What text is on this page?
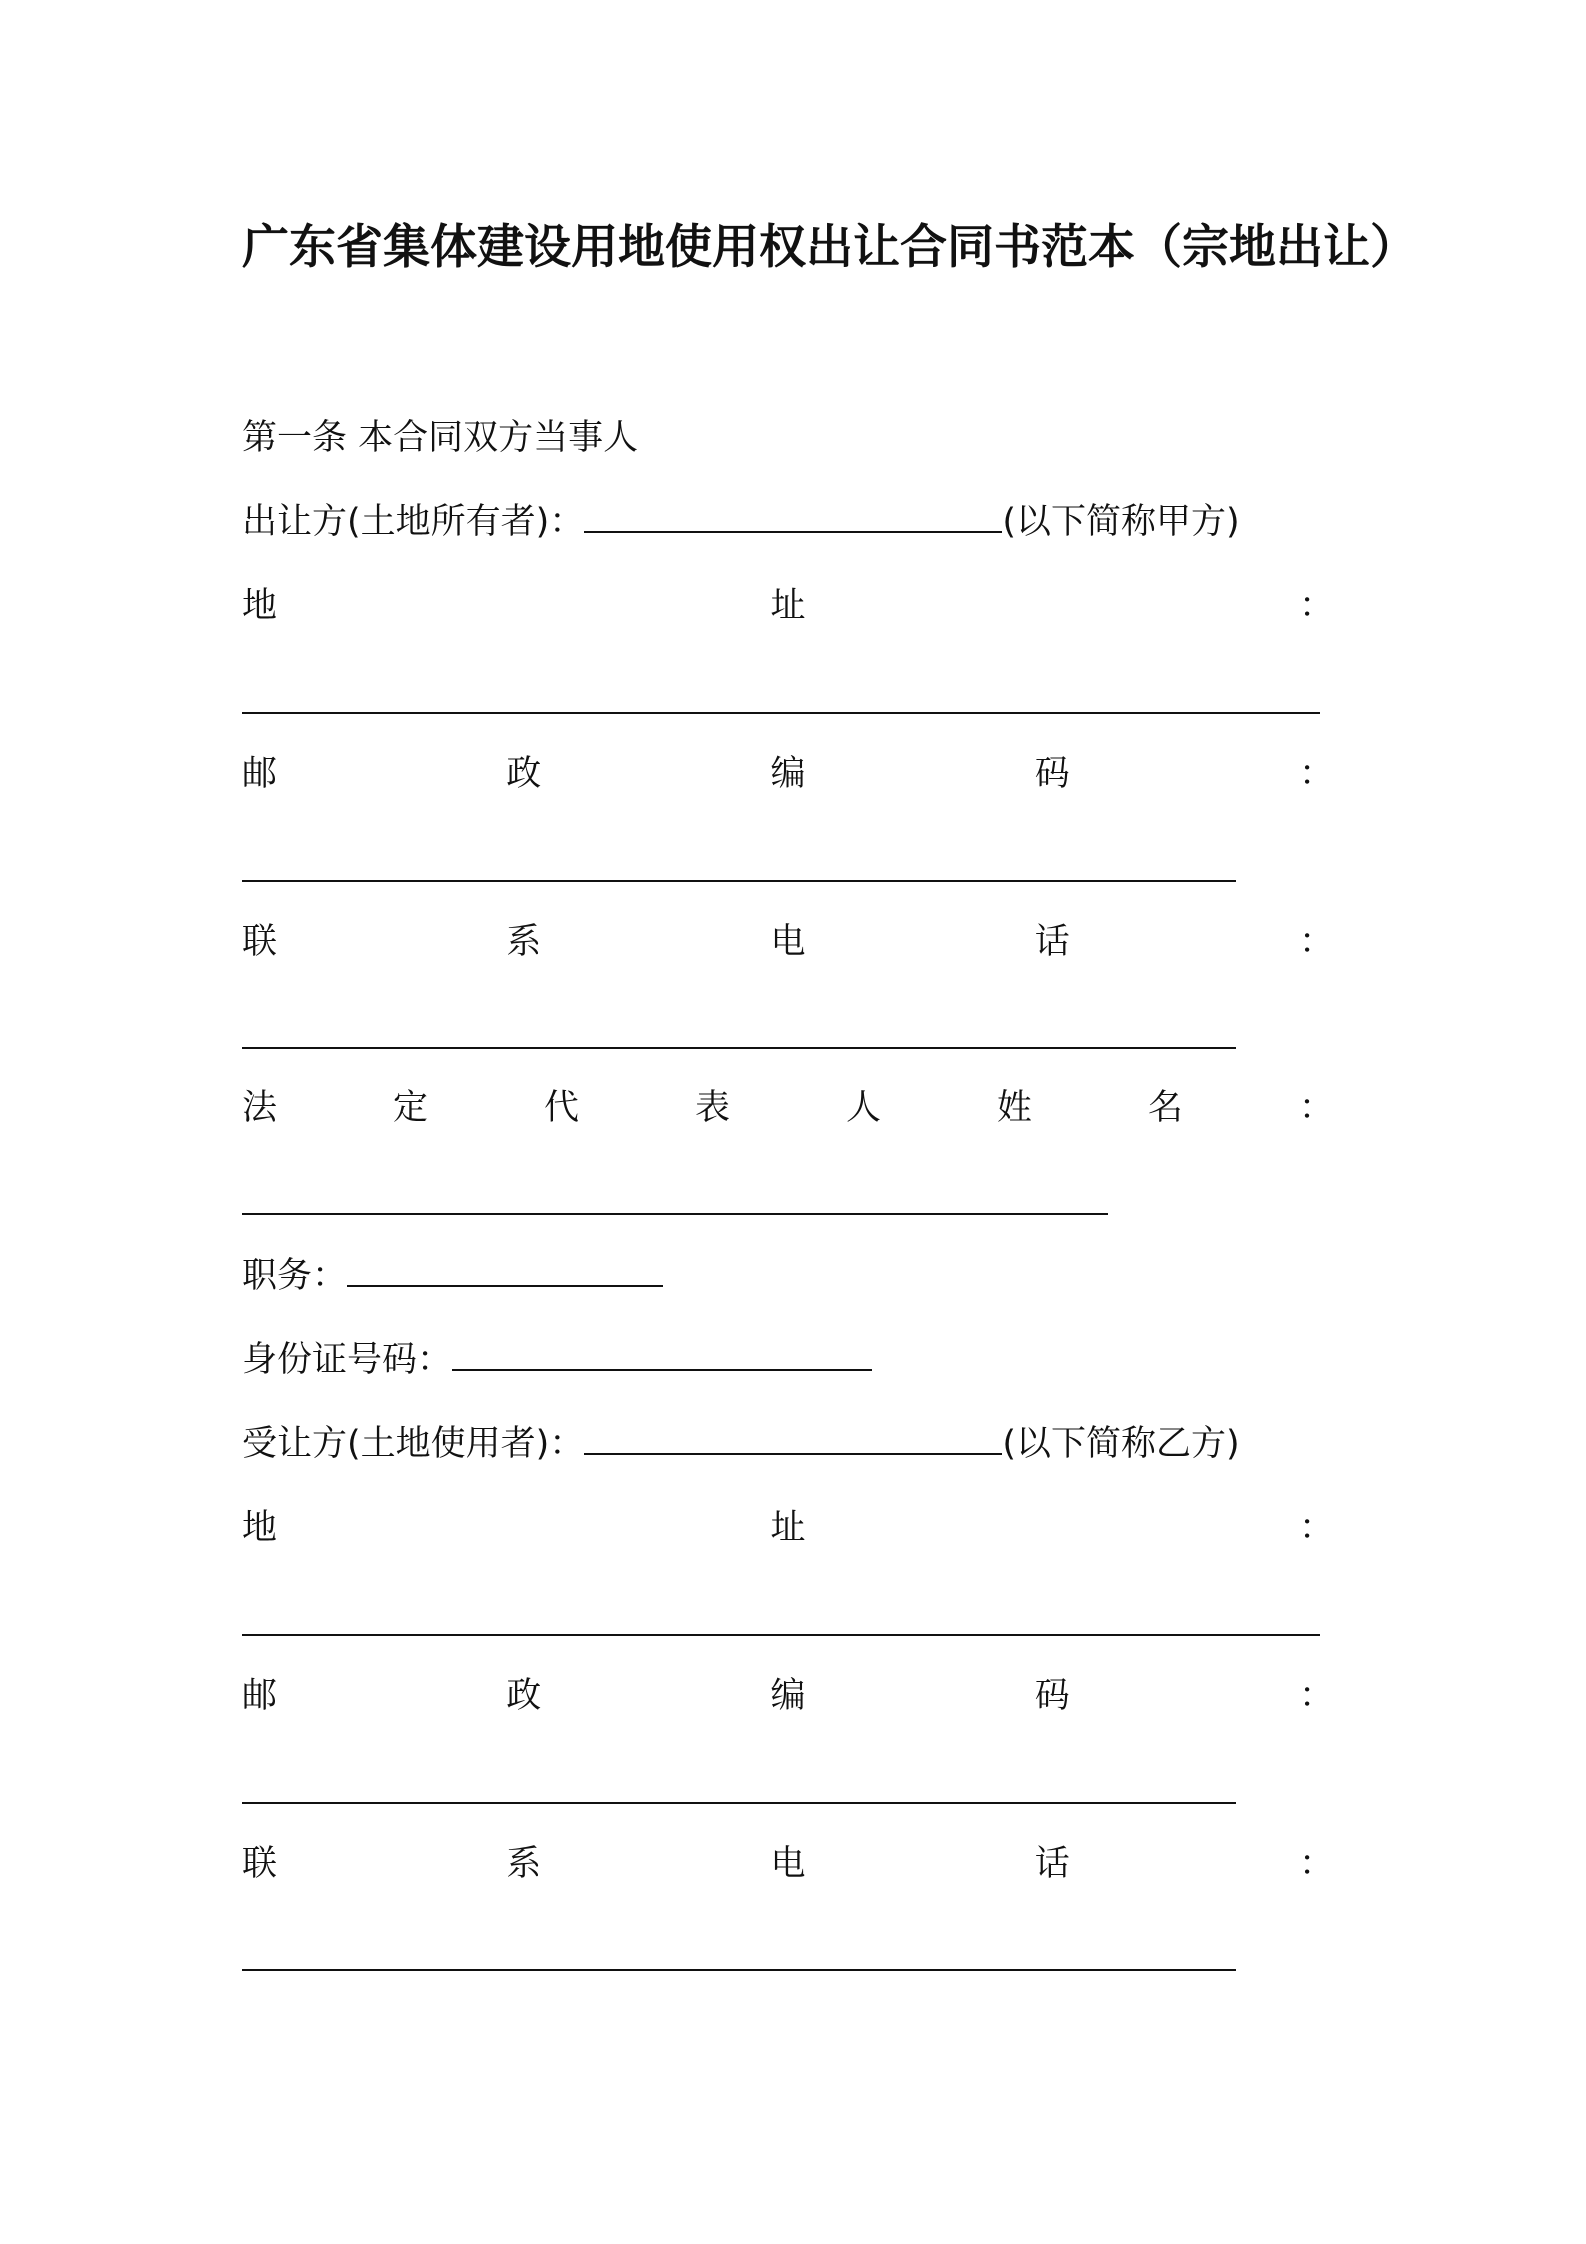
广东省集体建设用地使用权出让合同书范本（宗地出让）
第一条 本合同双方当事人
出让方(土地所有者)：	(以下简称甲方)
地	址	：
邮	政	编	码	：
联	系	电	话	：
法	定	代	表	人	姓	名	：
职务：
身份证号码：
受让方(土地使用者)：	(以下简称乙方)
地	址	：
邮	政	编	码	：
联	系	电	话	：
